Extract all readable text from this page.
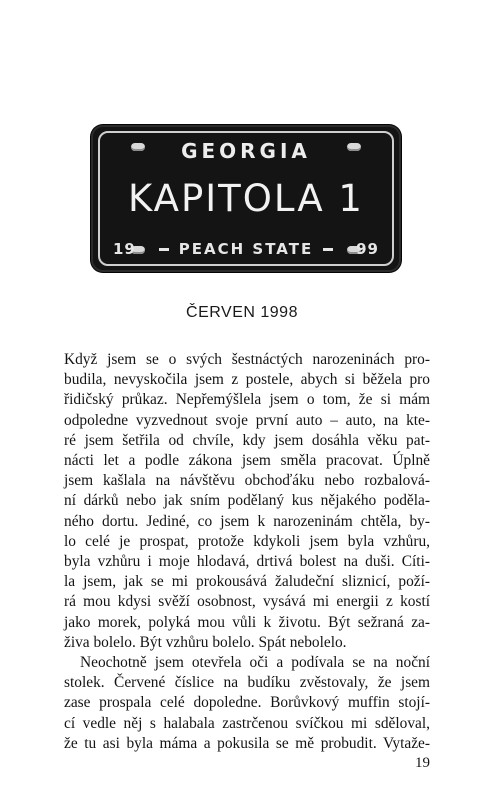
GEORGIA
KAPITOLA 1
19	PEACH STATE	99
ČERVEN 1998
Když jsem se o svých šestnáctých narozeninách pro-
budila, nevyskočila jsem z postele, abych si běžela pro
řidičský průkaz. Nepřemýšlela jsem o tom, že si mám
odpoledne vyzvednout svoje první auto – auto, na kte-
ré jsem šetřila od chvíle, kdy jsem dosáhla věku pat-
nácti let a podle zákona jsem směla pracovat. Úplně
jsem kašlala na návštěvu obchoďáku nebo rozbalová-
ní dárků nebo jak sním podělaný kus nějakého poděla-
ného dortu. Jediné, co jsem k narozeninám chtěla, by-
lo celé je prospat, protože kdykoli jsem byla vzhůru,
byla vzhůru i moje hlodavá, drtivá bolest na duši. Cíti-
la jsem, jak se mi prokousává žaludeční sliznicí, poží-
rá mou kdysi svěží osobnost, vysává mi energii z kostí
jako morek, polyká mou vůli k životu. Být sežraná za-
živa bolelo. Být vzhůru bolelo. Spát nebolelo.
Neochotně jsem otevřela oči a podívala se na noční
stolek. Červené číslice na budíku zvěstovaly, že jsem
zase prospala celé dopoledne. Borůvkový muffin stojí-
cí vedle něj s halabala zastrčenou svíčkou mi sděloval,
že tu asi byla máma a pokusila se mě probudit. Vytaže-
19
